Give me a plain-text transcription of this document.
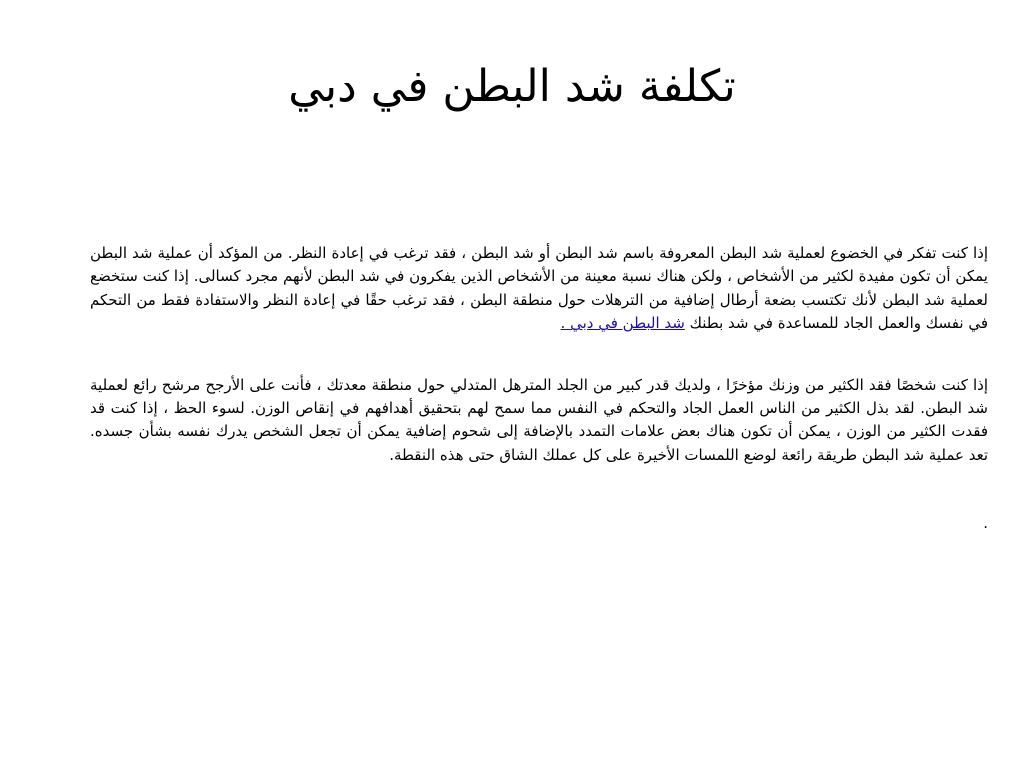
تكلفة شد البطن في دبي

إذا كنت تفكر في الخضوع لعملية شد البطن المعروفة باسم شد البطن أو شد البطن ، فقد ترغب في إعادة النظر. من المؤكد أن عملية شد البطن يمكن أن تكون مفيدة لكثير من الأشخاص ، ولكن هناك نسبة معينة من الأشخاص الذين يفكرون في شد البطن لأنهم مجرد كسالى. إذا كنت ستخضع لعملية شد البطن لأنك تكتسب بضعة أرطال إضافية من الترهلات حول منطقة البطن ، فقد ترغب حقًا في إعادة النظر والاستفادة فقط من التحكم في نفسك والعمل الجاد للمساعدة في شد بطنك شد البطن في دبي .

إذا كنت شخصًا فقد الكثير من وزنك مؤخرًا ، ولديك قدر كبير من الجلد المترهل المتدلي حول منطقة معدتك ، فأنت على الأرجح مرشح رائع لعملية شد البطن. لقد بذل الكثير من الناس العمل الجاد والتحكم في النفس مما سمح لهم بتحقيق أهدافهم في إنقاص الوزن. لسوء الحظ ، إذا كنت قد فقدت الكثير من الوزن ، يمكن أن تكون هناك بعض علامات التمدد بالإضافة إلى شحوم إضافية يمكن أن تجعل الشخص يدرك نفسه بشأن جسده. تعد عملية شد البطن طريقة رائعة لوضع اللمسات الأخيرة على كل عملك الشاق حتى هذه النقطة.

.
